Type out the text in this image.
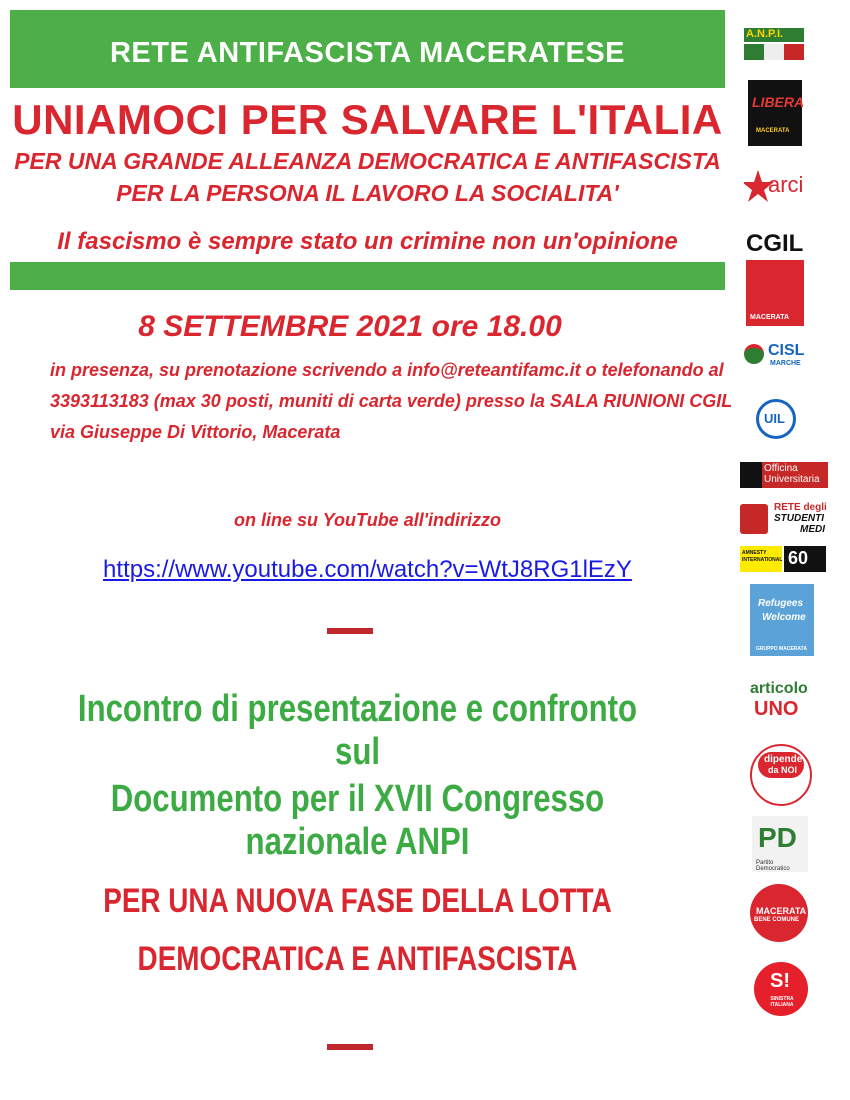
RETE ANTIFASCISTA MACERATESE
UNIAMOCI PER SALVARE L'ITALIA
PER UNA GRANDE ALLEANZA DEMOCRATICA E ANTIFASCISTA
PER LA PERSONA IL LAVORO LA SOCIALITA'
Il fascismo è sempre stato un crimine non un'opinione
8 SETTEMBRE 2021 ore 18.00
in presenza, su prenotazione scrivendo a info@reteantifamc.it o telefonando al
3393113183 (max 30 posti, muniti di carta verde) presso la SALA RIUNIONI CGIL
via Giuseppe Di Vittorio, Macerata
on line su YouTube all'indirizzo
https://www.youtube.com/watch?v=WtJ8RG1lEzY
Incontro di presentazione e confronto sul
Documento per il XVII Congresso nazionale ANPI
PER UNA NUOVA FASE DELLA LOTTA
DEMOCRATICA E ANTIFASCISTA
A.N.P.I.
LIBERA
MACERATA
arci
CGIL
MACERATA
CISL
MARCHE
UIL
Officina Universitaria
RETE degli
STUDENTI
MEDI
AMNESTY INTERNATIONAL 60
Refugees
Welcome
GRUPPO MACERATA
articolo
UNO
dipende
da NOI
PD
Partito Democratico
MACERATA
BENE COMUNE
S!
SINISTRA ITALIANA
